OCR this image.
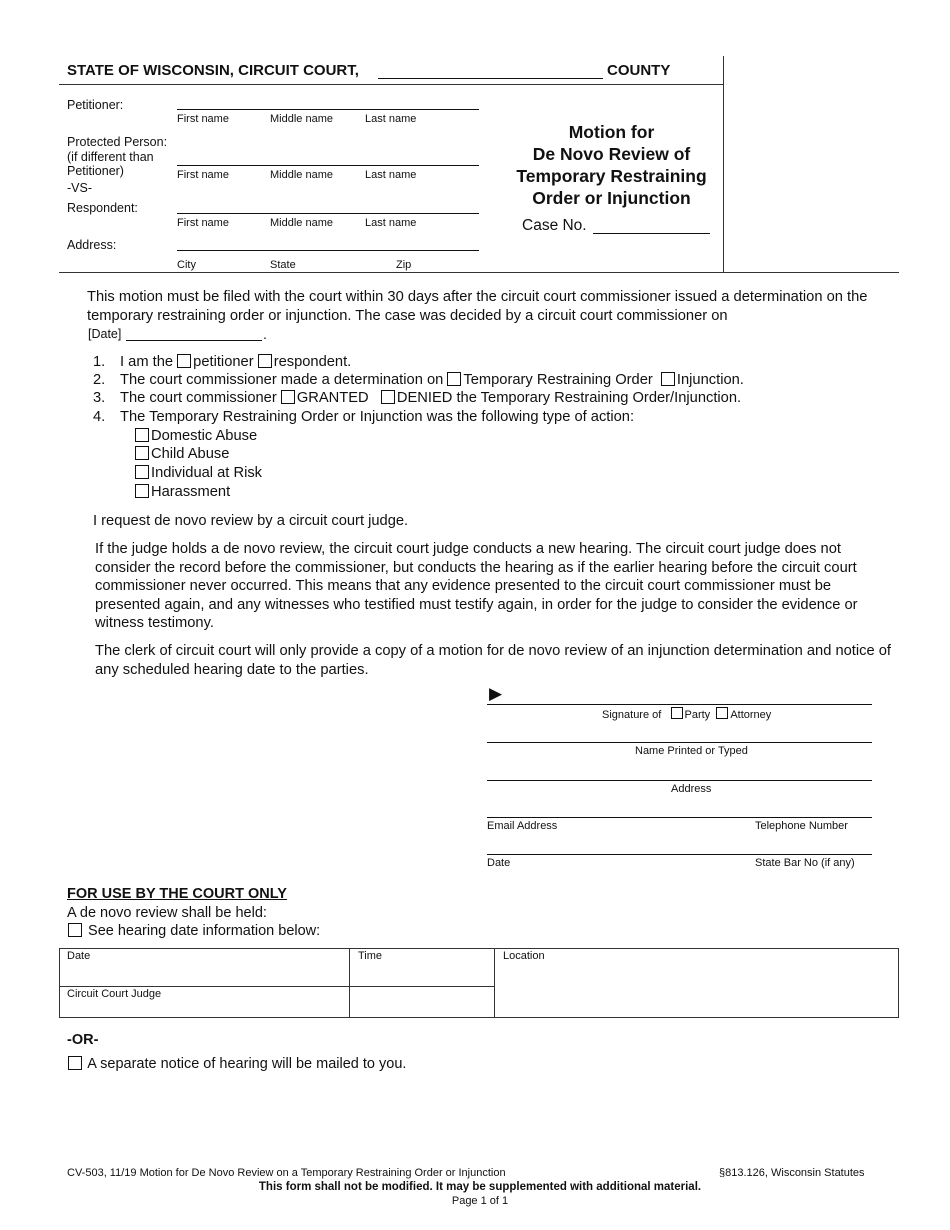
STATE OF WISCONSIN, CIRCUIT COURT,	COUNTY
Petitioner:
First name	Middle name	Last name
Protected Person:
(if different than
Petitioner)	First name	Middle name	Last name
-VS-
Respondent:
First name	Middle name	Last name
Address:
City	State	Zip
Motion for
De Novo Review of
Temporary Restraining
Order or Injunction
Case No.
This motion must be filed with the court within 30 days after the circuit court commissioner issued a determination on the temporary restraining order or injunction. The case was decided by a circuit court commissioner on
[Date]	.
1. I am the petitioner respondent.
2. The court commissioner made a determination on Temporary Restraining Order Injunction.
3. The court commissioner GRANTED DENIED the Temporary Restraining Order/Injunction.
4. The Temporary Restraining Order or Injunction was the following type of action:
Domestic Abuse
Child Abuse
Individual at Risk
Harassment
I request de novo review by a circuit court judge.
If the judge holds a de novo review, the circuit court judge conducts a new hearing. The circuit court judge does not consider the record before the commissioner, but conducts the hearing as if the earlier hearing before the circuit court commissioner never occurred. This means that any evidence presented to the circuit court commissioner must be presented again, and any witnesses who testified must testify again, in order for the judge to consider the evidence or witness testimony.
The clerk of circuit court will only provide a copy of a motion for de novo review of an injunction determination and notice of any scheduled hearing date to the parties.
▶
Signature of Party Attorney
Name Printed or Typed
Address
Email Address	Telephone Number
Date	State Bar No (if any)
FOR USE BY THE COURT ONLY
A de novo review shall be held:
See hearing date information below:
Date	Time	Location
Circuit Court Judge
-OR-
A separate notice of hearing will be mailed to you.
CV-503, 11/19 Motion for De Novo Review on a Temporary Restraining Order or Injunction	§813.126, Wisconsin Statutes
This form shall not be modified. It may be supplemented with additional material.
Page 1 of 1
